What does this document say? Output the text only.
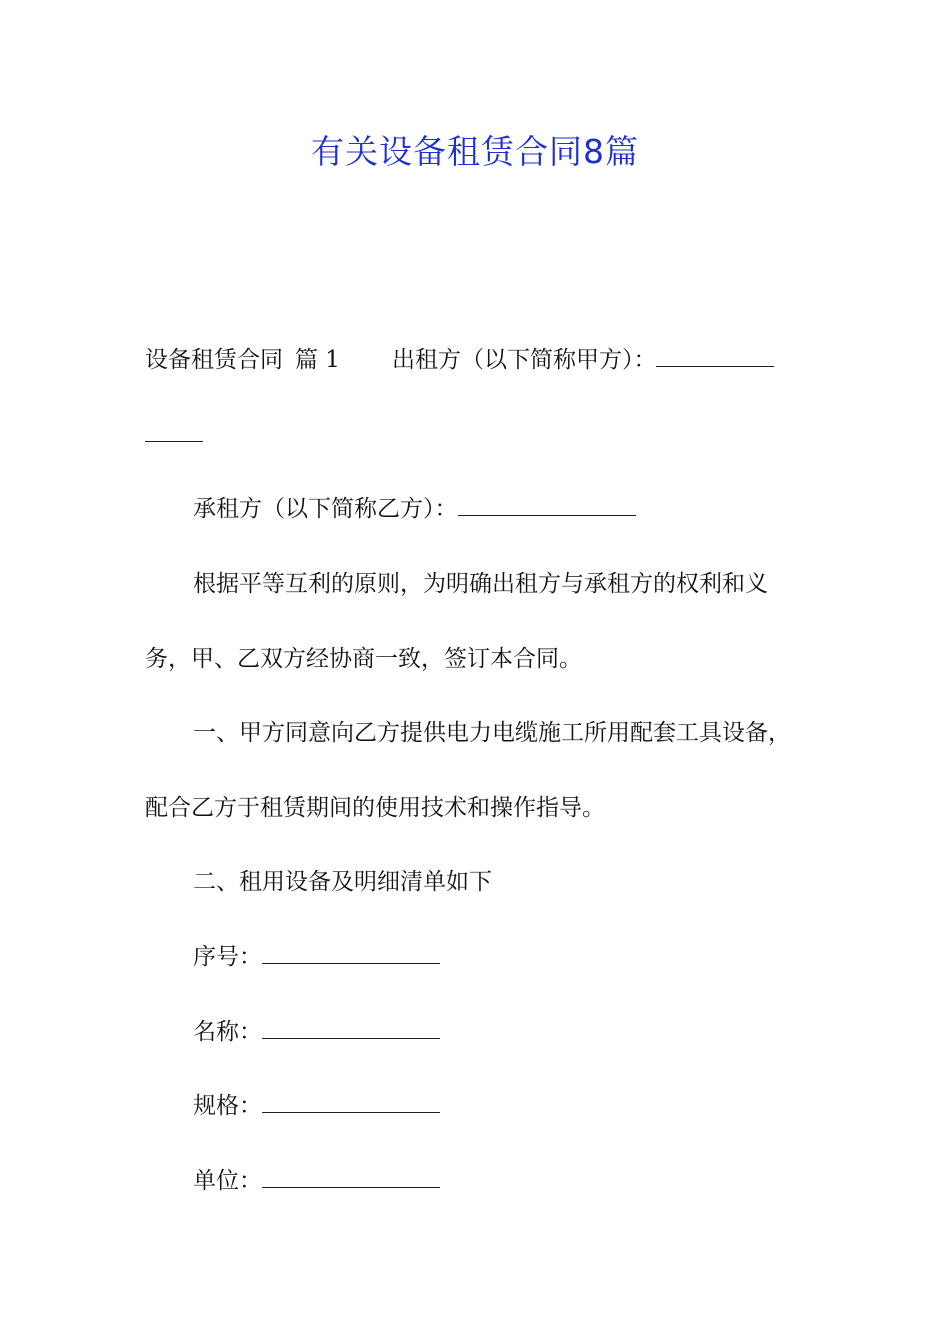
有关设备租赁合同8篇
设备租赁合同 篇 1 出租方（以下简称甲方）：
承租方（以下简称乙方）：
根据平等互利的原则，为明确出租方与承租方的权利和义
务，甲、乙双方经协商一致，签订本合同。
一、甲方同意向乙方提供电力电缆施工所用配套工具设备，
配合乙方于租赁期间的使用技术和操作指导。
二、租用设备及明细清单如下
序号：
名称：
规格：
单位：
